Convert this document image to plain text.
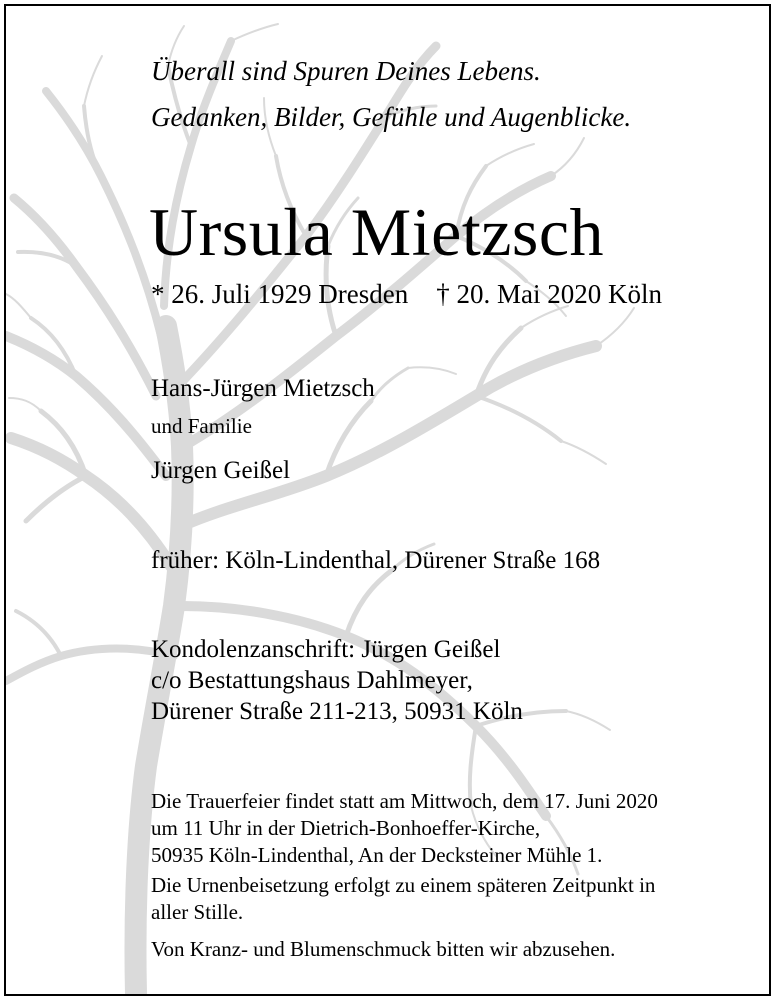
Überall sind Spuren Deines Lebens.
Gedanken, Bilder, Gefühle und Augenblicke.
Ursula Mietzsch
* 26. Juli 1929 Dresden † 20. Mai 2020 Köln
Hans-Jürgen Mietzsch
und Familie
Jürgen Geißel
früher: Köln-Lindenthal, Dürener Straße 168
Kondolenzanschrift: Jürgen Geißel
c/o Bestattungshaus Dahlmeyer,
Dürener Straße 211-213, 50931 Köln
Die Trauerfeier findet statt am Mittwoch, dem 17. Juni 2020
um 11 Uhr in der Dietrich-Bonhoeffer-Kirche,
50935 Köln-Lindenthal, An der Decksteiner Mühle 1.
Die Urnenbeisetzung erfolgt zu einem späteren Zeitpunkt in
aller Stille.
Von Kranz- und Blumenschmuck bitten wir abzusehen.
